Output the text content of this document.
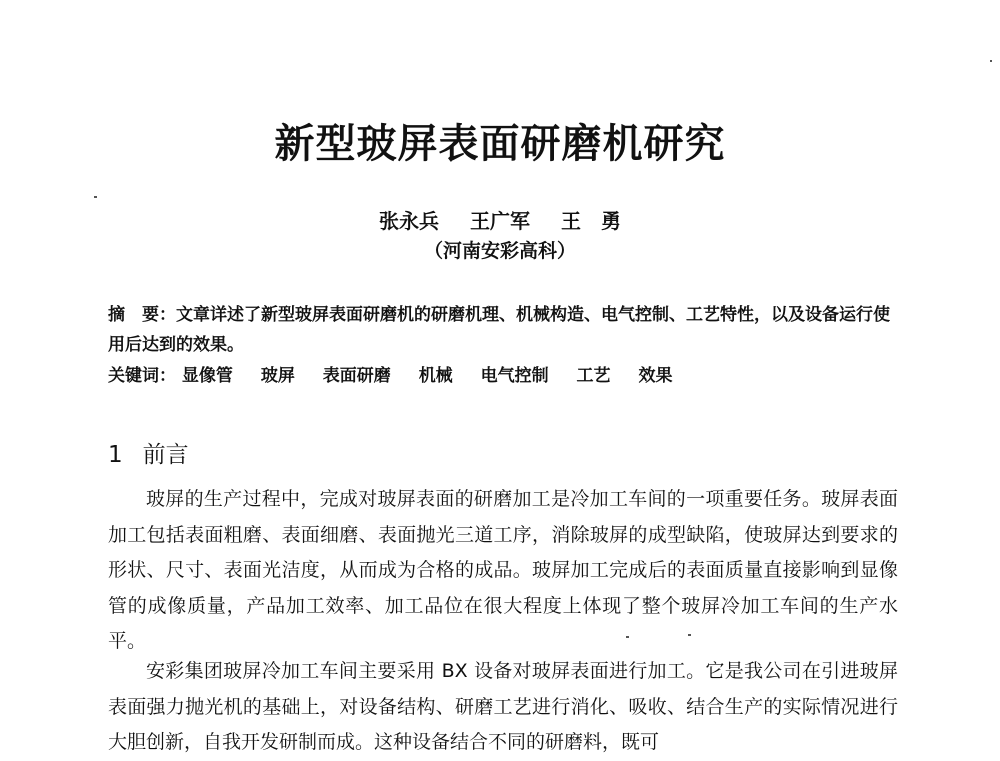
新型玻屏表面研磨机研究
张永兵 王广军 王　勇
（河南安彩高科）
摘　要：文章详述了新型玻屏表面研磨机的研磨机理、机械构造、电气控制、工艺特性，以及设备运行使用后达到的效果。
关键词： 显像管 玻屏 表面研磨 机械 电气控制 工艺 效果
1 前言

玻屏的生产过程中，完成对玻屏表面的研磨加工是冷加工车间的一项重要任务。玻屏表面加工包括表面粗磨、表面细磨、表面抛光三道工序，消除玻屏的成型缺陷，使玻屏达到要求的形状、尺寸、表面光洁度，从而成为合格的成品。玻屏加工完成后的表面质量直接影响到显像管的成像质量，产品加工效率、加工品位在很大程度上体现了整个玻屏冷加工车间的生产水平。

安彩集团玻屏冷加工车间主要采用 BX 设备对玻屏表面进行加工。它是我公司在引进玻屏表面强力抛光机的基础上，对设备结构、研磨工艺进行消化、吸收、结合生产的实际情况进行大胆创新，自我开发研制而成。这种设备结合不同的研磨料，既可
